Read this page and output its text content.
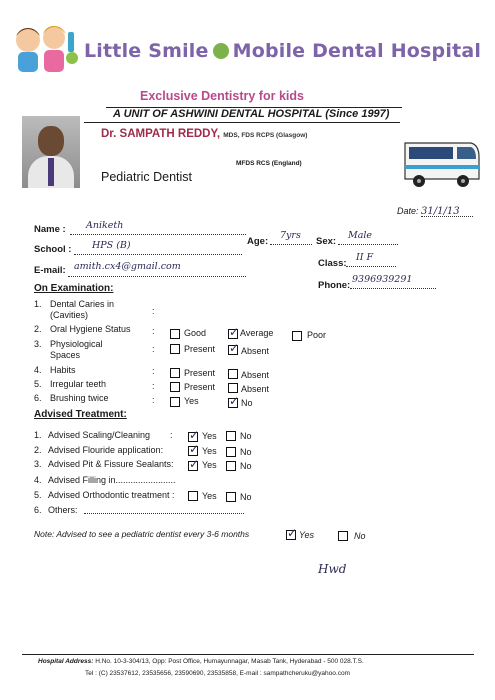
Little Smile Mobile Dental Hospital
Exclusive Dentistry for kids
A UNIT OF ASHWINI DENTAL HOSPITAL (Since 1997)
Dr. SAMPATH REDDY, MDS, FDS RCPS (Glasgow)
MFDS RCS (England)
Pediatric Dentist
Date: 31/1/13
Name : Aniketh
Age:
7yrs
Sex:
Male
School : HPS (B)
Class:
II F
E-mail: amith.cx4@gmail.com
Phone:
9396939291
On Examination:
1. Dental Caries in
(Cavities)	:
2. Oral Hygiene Status :	Good ✓	Average	Poor
3. Physiological
Spaces
:	Present ✓	Absent
4. Habits	:	Present	Absent
5. Irregular teeth	:	Present	Absent
6. Brushing twice	:	Yes ✓	No
Advised Treatment:
1. Advised Scaling/Cleaning : ✓	Yes	No
2. Advised Flouride application: ✓	Yes	No
3. Advised Pit & Fissure Sealants: ✓	Yes	No
4. Advised Filling in........................
5. Advised Orthodontic treatment :	Yes	No
6. Others:
Note: Advised to see a pediatric dentist every 3-6 months ✓	Yes	No
Hwd
Hospital Address: H.No. 10-3-304/13, Opp: Post Office, Humayunnagar, Masab Tank, Hyderabad - 500 028.T.S.
Tel : (C) 23537612, 23535656, 23590690, 23535858, E-mail : sampathcheruku@yahoo.com
